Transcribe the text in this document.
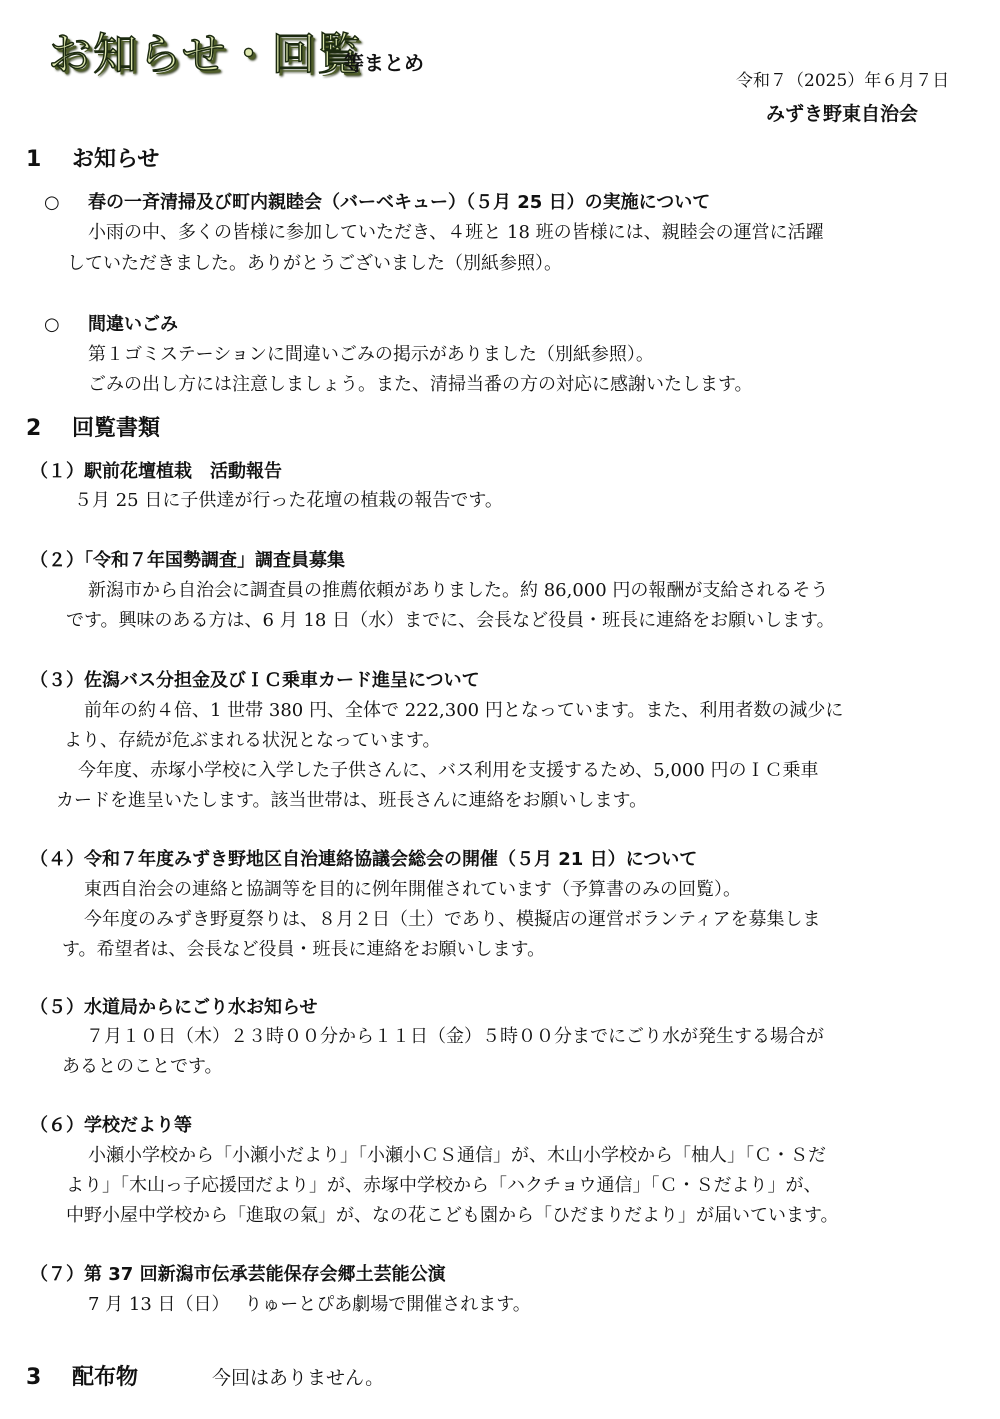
お知らせ・回覧
等まとめ
令和７（2025）年６月７日
みずき野東自治会
1 お知らせ
○ 春の一斉清掃及び町内親睦会（バーベキュー）（５月 25 日）の実施について
小雨の中、多くの皆様に参加していただき、４班と 18 班の皆様には、親睦会の運営に活躍
していただきました。ありがとうございました（別紙参照）。
○ 間違いごみ
第１ゴミステーションに間違いごみの掲示がありました（別紙参照）。
ごみの出し方には注意しましょう。また、清掃当番の方の対応に感謝いたします。
2 回覧書類
（１）駅前花壇植栽　活動報告
５月 25 日に子供達が行った花壇の植栽の報告です。
（２）「令和７年国勢調査」調査員募集
新潟市から自治会に調査員の推薦依頼がありました。約 86,000 円の報酬が支給されるそう
です。興味のある方は、6 月 18 日（水）までに、会長など役員・班長に連絡をお願いします。
（３）佐潟バス分担金及びＩＣ乗車カード進呈について
前年の約４倍、1 世帯 380 円、全体で 222,300 円となっています。また、利用者数の減少に
より、存続が危ぶまれる状況となっています。
今年度、赤塚小学校に入学した子供さんに、バス利用を支援するため、5,000 円のＩＣ乗車
カードを進呈いたします。該当世帯は、班長さんに連絡をお願いします。
（４）令和７年度みずき野地区自治連絡協議会総会の開催（５月 21 日）について
東西自治会の連絡と協調等を目的に例年開催されています（予算書のみの回覧）。
今年度のみずき野夏祭りは、８月２日（土）であり、模擬店の運営ボランティアを募集しま
す。希望者は、会長など役員・班長に連絡をお願いします。
（５）水道局からにごり水お知らせ
７月１０日（木）２３時００分から１１日（金）５時００分までにごり水が発生する場合が
あるとのことです。
（６）学校だより等
小瀬小学校から「小瀬小だより」「小瀬小ＣＳ通信」が、木山小学校から「柚人」「Ｃ・Ｓだ
より」「木山っ子応援団だより」が、赤塚中学校から「ハクチョウ通信」「Ｃ・Ｓだより」が、
中野小屋中学校から「進取の氣」が、なの花こども園から「ひだまりだより」が届いています。
（７）第 37 回新潟市伝承芸能保存会郷土芸能公演
7 月 13 日（日）　 りゅーとぴあ劇場で開催されます。
3 配布物	今回はありません。
